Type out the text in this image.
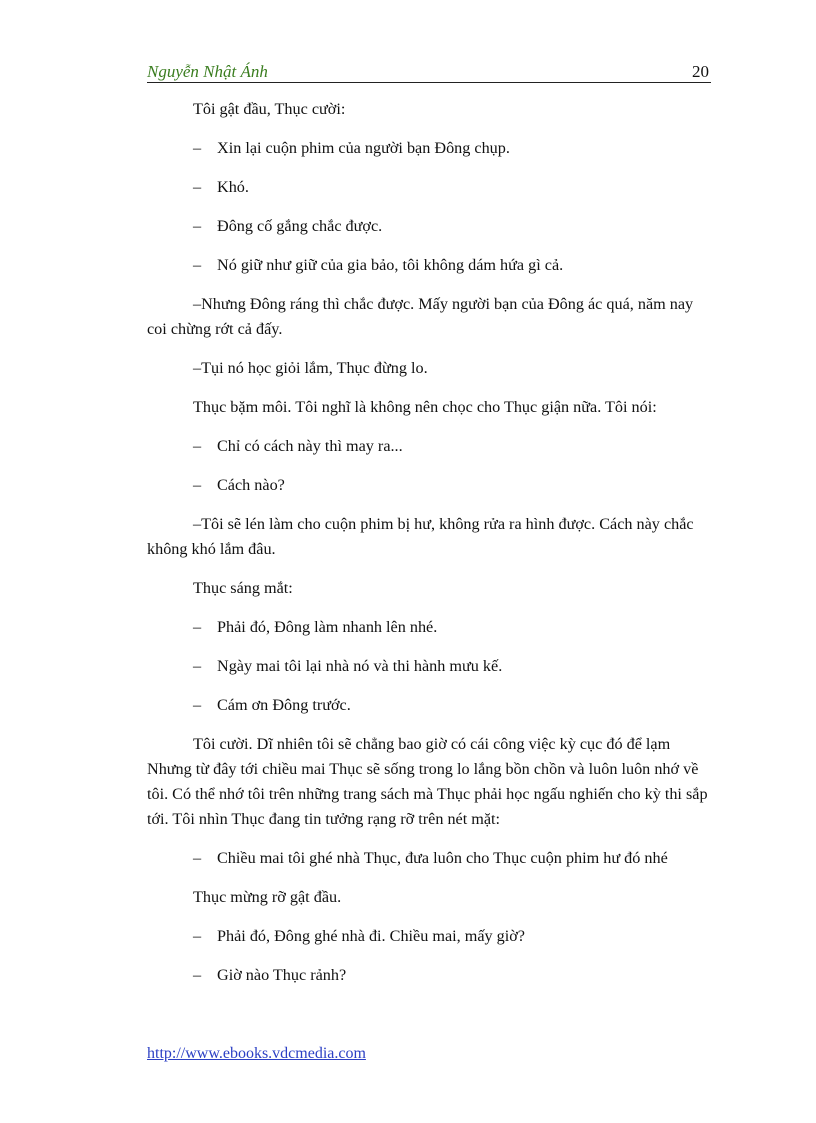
Nguyễn Nhật Ánh	20

Tôi gật đầu, Thục cười:

– Xin lại cuộn phim của người bạn Đông chụp.

– Khó.

– Đông cố gắng chắc được.

– Nó giữ như giữ của gia bảo, tôi không dám hứa gì cả.

–Nhưng Đông ráng thì chắc được. Mấy người bạn của Đông ác quá, năm nay coi chừng rớt cả đấy.

–Tụi nó học giỏi lắm, Thục đừng lo.

Thục bặm môi. Tôi nghĩ là không nên chọc cho Thục giận nữa. Tôi nói:

– Chỉ có cách này thì may ra...

– Cách nào?

–Tôi sẽ lén làm cho cuộn phim bị hư, không rửa ra hình được. Cách này chắc không khó lắm đâu.

Thục sáng mắt:

– Phải đó, Đông làm nhanh lên nhé.

– Ngày mai tôi lại nhà nó và thi hành mưu kế.

– Cám ơn Đông trước.

Tôi cười. Dĩ nhiên tôi sẽ chẳng bao giờ có cái công việc kỳ cục đó để lạm Nhưng từ đây tới chiều mai Thục sẽ sống trong lo lắng bồn chồn và luôn luôn nhớ về tôi. Có thể nhớ tôi trên những trang sách mà Thục phải học ngấu nghiến cho kỳ thi sắp tới. Tôi nhìn Thục đang tin tưởng rạng rỡ trên nét mặt:

– Chiều mai tôi ghé nhà Thục, đưa luôn cho Thục cuộn phim hư đó nhé

Thục mừng rỡ gật đầu.

– Phải đó, Đông ghé nhà đi. Chiều mai, mấy giờ?

– Giờ nào Thục rảnh?

http://www.ebooks.vdcmedia.com
